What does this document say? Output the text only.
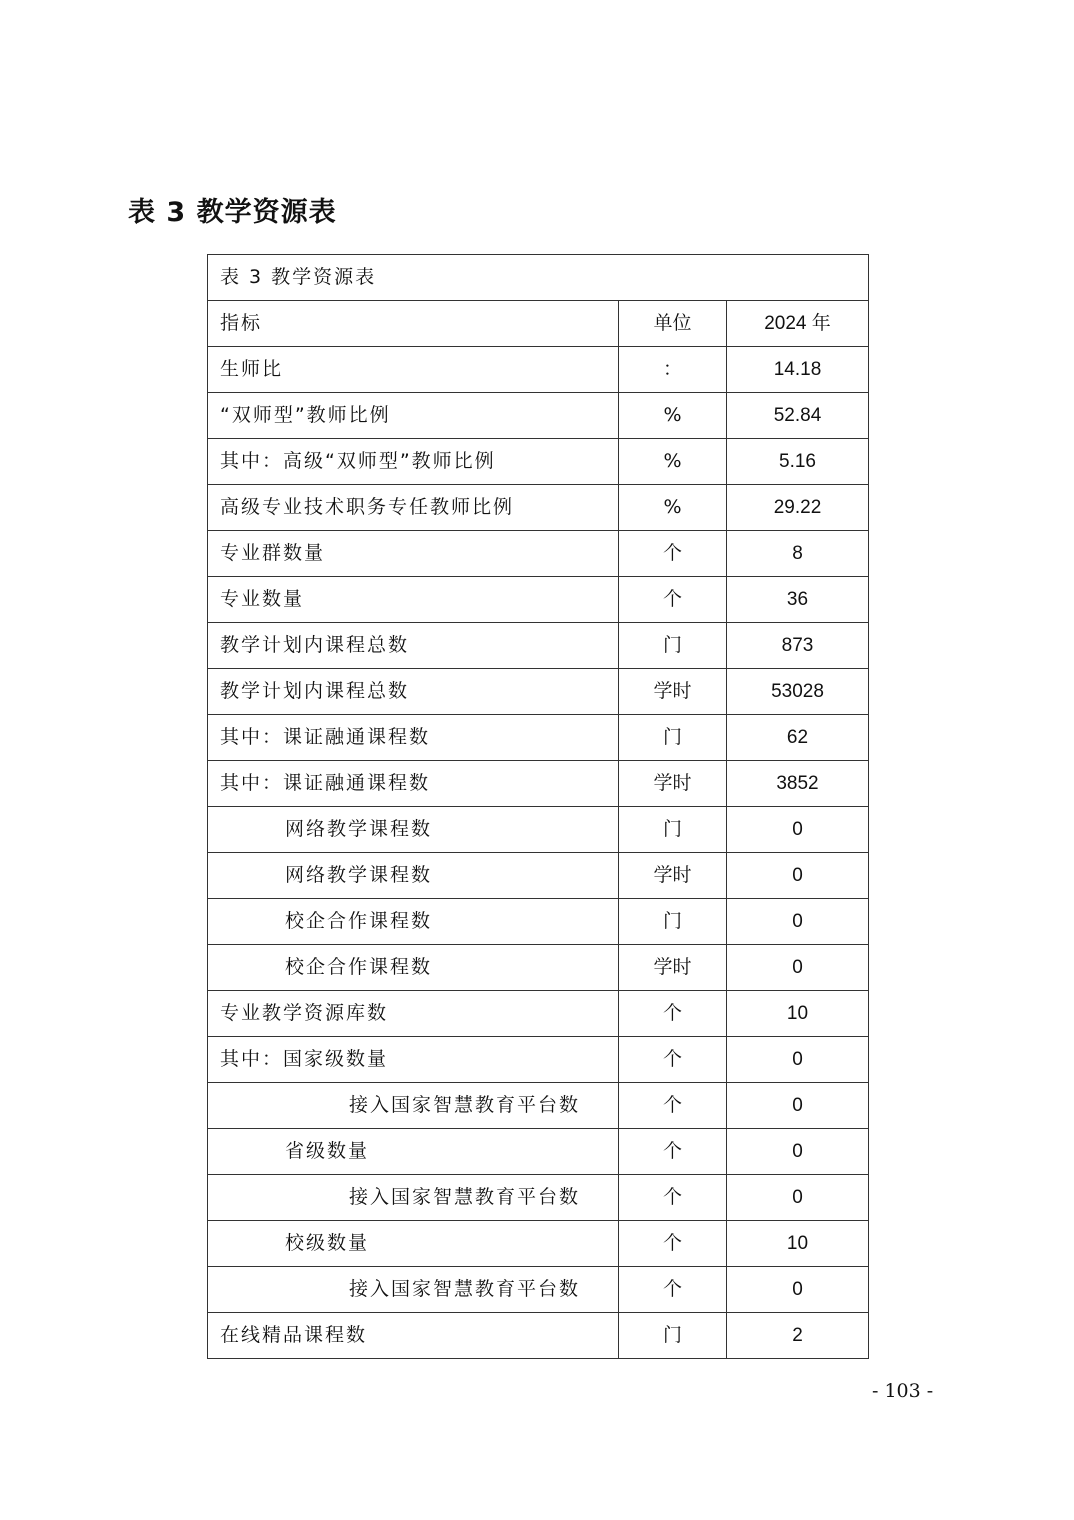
表 3 教学资源表
表 3 教学资源表		
指标	单位	2024 年
生师比	：	14.18
“双师型”教师比例	%	52.84
其中：高级“双师型”教师比例	%	5.16
高级专业技术职务专任教师比例	%	29.22
专业群数量	个	8
专业数量	个	36
教学计划内课程总数	门	873
教学计划内课程总数	学时	53028
其中：课证融通课程数	门	62
其中：课证融通课程数	学时	3852
网络教学课程数	门	0
网络教学课程数	学时	0
校企合作课程数	门	0
校企合作课程数	学时	0
专业教学资源库数	个	10
其中：国家级数量	个	0
接入国家智慧教育平台数	个	0
省级数量	个	0
接入国家智慧教育平台数	个	0
校级数量	个	10
接入国家智慧教育平台数	个	0
在线精品课程数	门	2
- 103 -
